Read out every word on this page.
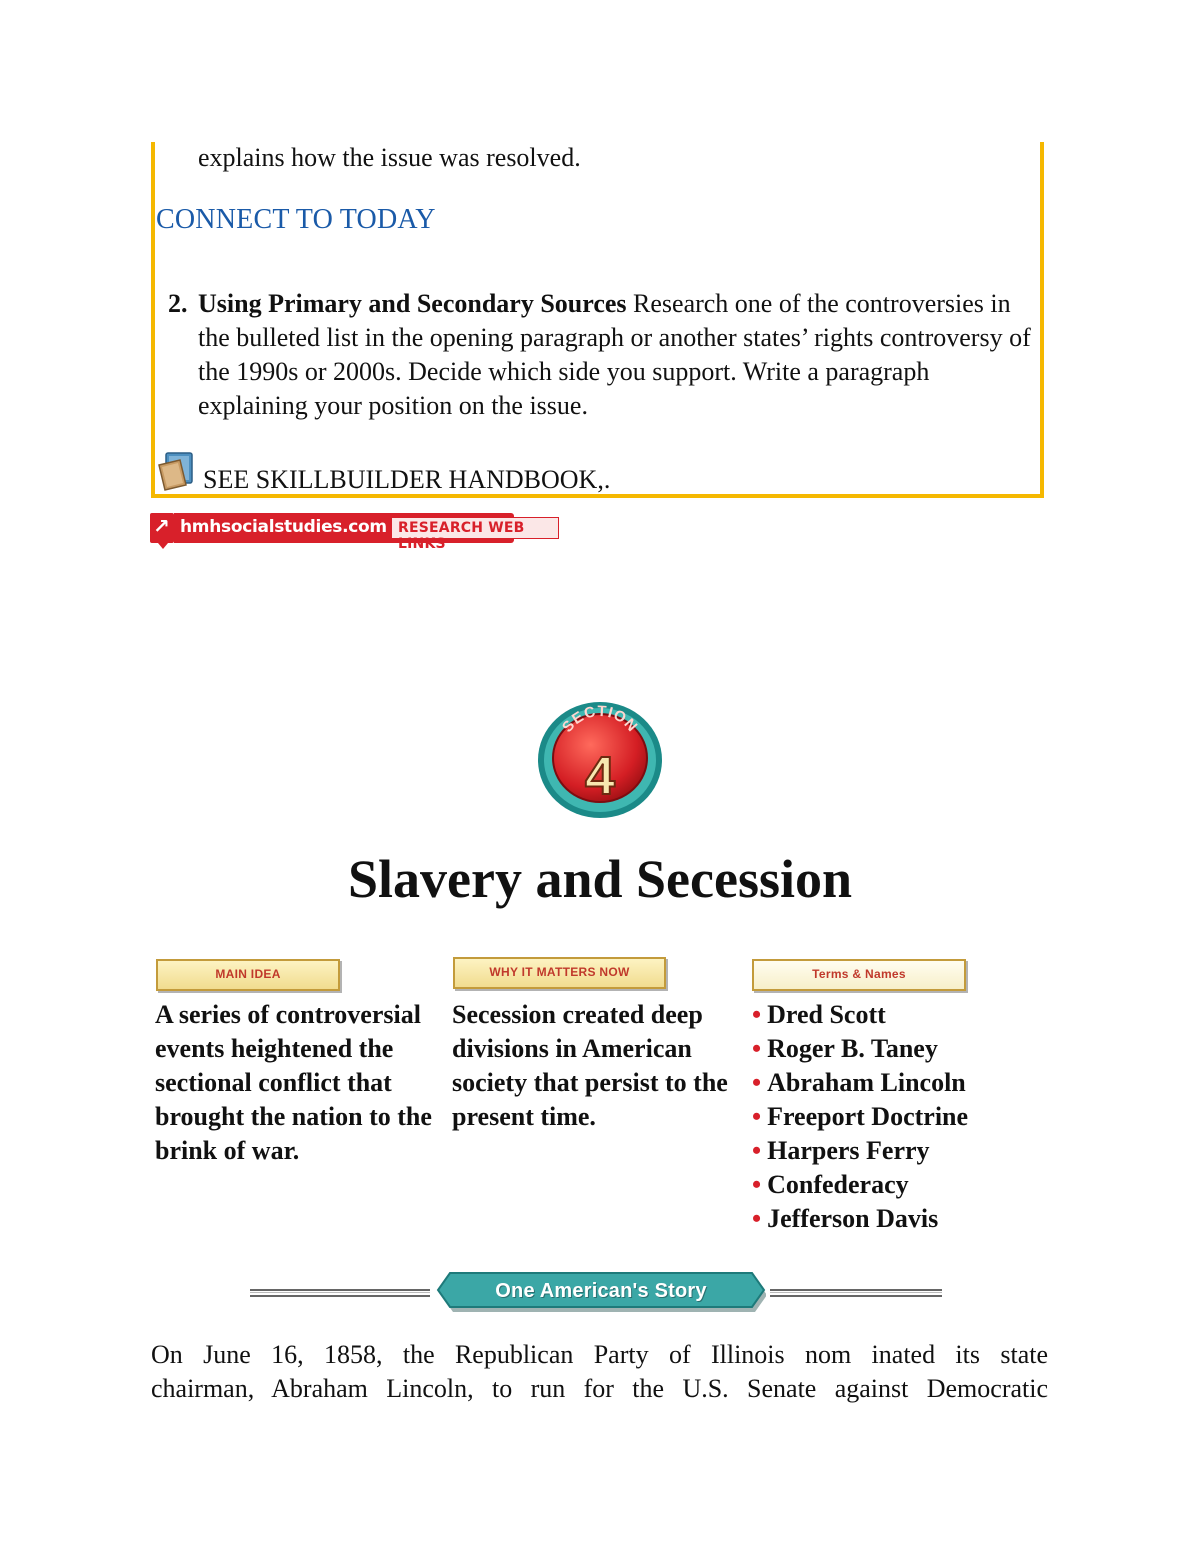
explains how the issue was resolved.
CONNECT TO TODAY
2. Using Primary and Secondary Sources Research one of the controversies in the bulleted list in the opening paragraph or another states’ rights controversy of the 1990s or 2000s. Decide which side you support. Write a paragraph explaining your position on the issue.
SEE SKILLBUILDER HANDBOOK,.
↗ hmhsocialstudies.com RESEARCH WEB LINKS
SECTION
4
Slavery and Secession
MAIN IDEA	WHY IT MATTERS NOW	Terms & Names
A series of controversial events heightened the sectional conflict that brought the nation to the brink of war.
Secession created deep divisions in American society that persist to the present time.
• Dred Scott
• Roger B. Taney
• Abraham Lincoln
• Freeport Doctrine
• Harpers Ferry
• Confederacy
• Jefferson Davis
One American's Story
On June 16, 1858, the Republican Party of Illinois nom inated its state
chairman, Abraham Lincoln, to run for the U.S. Senate against Democratic
